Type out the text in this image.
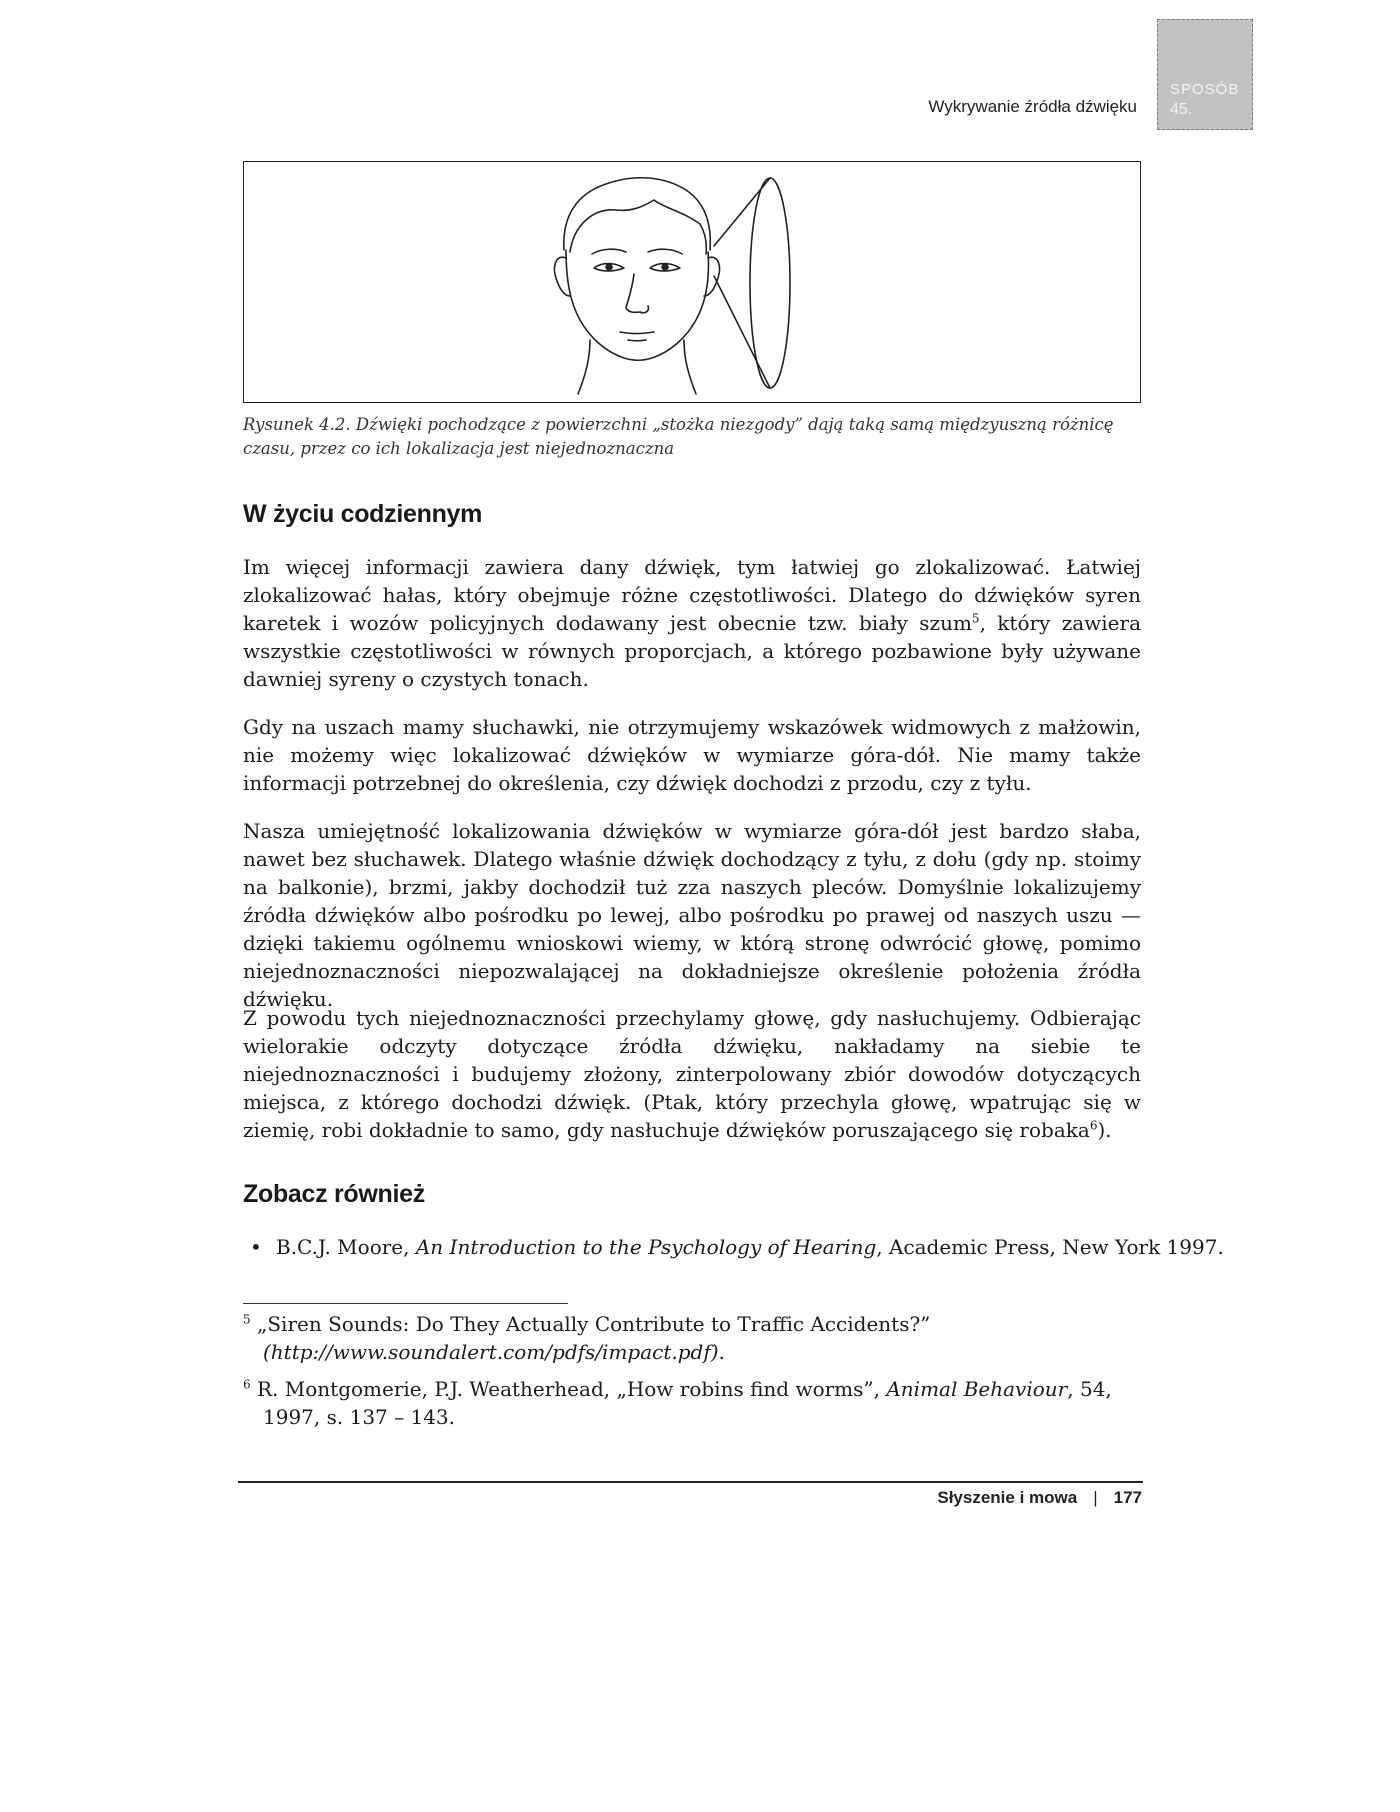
Wykrywanie źródła dźwięku
SPOSÓB
45.
Rysunek 4.2. Dźwięki pochodzące z powierzchni „stożka niezgody” dają taką samą międzyuszną różnicę czasu, przez co ich lokalizacja jest niejednoznaczna
W życiu codziennym
Im więcej informacji zawiera dany dźwięk, tym łatwiej go zlokalizować. Łatwiej zlokalizować hałas, który obejmuje różne częstotliwości. Dlatego do dźwięków syren karetek i wozów policyjnych dodawany jest obecnie tzw. biały szum$^5$, który zawiera wszystkie częstotliwości w równych proporcjach, a którego pozbawione były używane dawniej syreny o czystych tonach.
Gdy na uszach mamy słuchawki, nie otrzymujemy wskazówek widmowych z małżowin, nie możemy więc lokalizować dźwięków w wymiarze góra-dół. Nie mamy także informacji potrzebnej do określenia, czy dźwięk dochodzi z przodu, czy z tyłu.
Nasza umiejętność lokalizowania dźwięków w wymiarze góra-dół jest bardzo słaba, nawet bez słuchawek. Dlatego właśnie dźwięk dochodzący z tyłu, z dołu (gdy np. stoimy na balkonie), brzmi, jakby dochodził tuż zza naszych pleców. Domyślnie lokalizujemy źródła dźwięków albo pośrodku po lewej, albo pośrodku po prawej od naszych uszu — dzięki takiemu ogólnemu wnioskowi wiemy, w którą stronę odwrócić głowę, pomimo niejednoznaczności niepozwalającej na dokładniejsze określenie położenia źródła dźwięku.
Z powodu tych niejednoznaczności przechylamy głowę, gdy nasłuchujemy. Odbierając wielorakie odczyty dotyczące źródła dźwięku, nakładamy na siebie te niejednoznaczności i budujemy złożony, zinterpolowany zbiór dowodów dotyczących miejsca, z którego dochodzi dźwięk. (Ptak, który przechyla głowę, wpatrując się w ziemię, robi dokładnie to samo, gdy nasłuchuje dźwięków poruszającego się robaka$^6$).
Zobacz również
• B.C.J. Moore, An Introduction to the Psychology of Hearing, Academic Press, New York 1997.
$^5$ „Siren Sounds: Do They Actually Contribute to Traffic Accidents?”
(http://www.soundalert.com/pdfs/impact.pdf).
$^6$ R. Montgomerie, P.J. Weatherhead, „How robins find worms”, Animal Behaviour, 54,
1997, s. 137 – 143.
Słyszenie i mowa | 177
